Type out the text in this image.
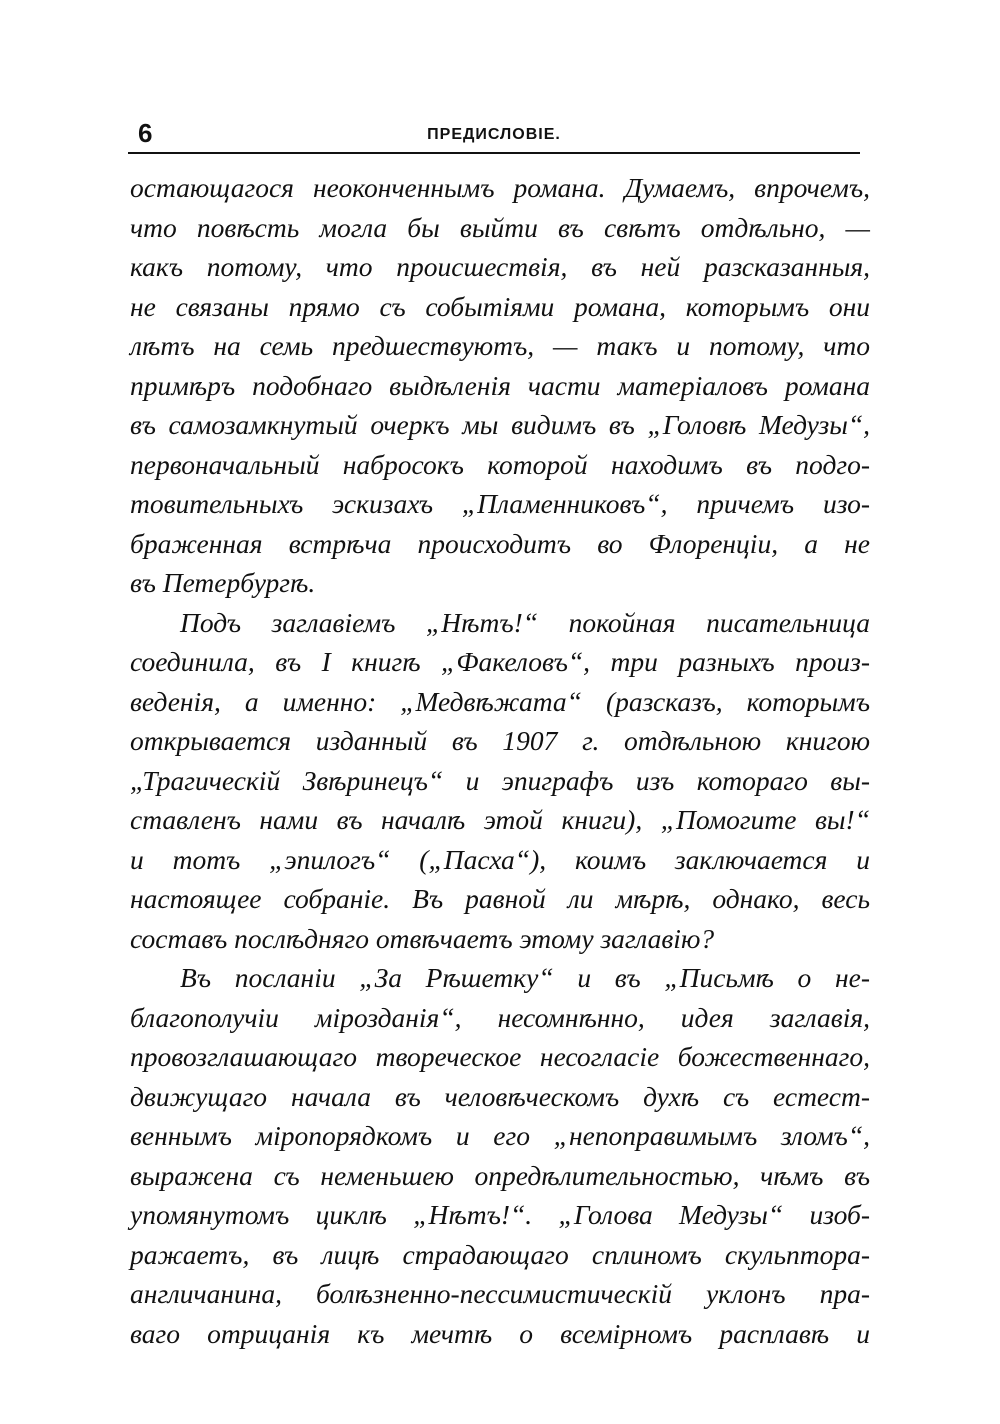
6	ПРЕДИСЛОВІЕ.
остающагося неоконченнымъ романа. Думаемъ, впрочемъ,
что повѣсть могла бы выйти въ свѣтъ отдѣльно, —
какъ потому, что происшествія, въ ней разсказанныя,
не связаны прямо съ событіями романа, которымъ они
лѣтъ на семь предшествуютъ, — такъ и потому, что
примѣръ подобнаго выдѣленія части матеріаловъ романа
въ самозамкнутый очеркъ мы видимъ въ „Головѣ Медузы“,
первоначальный набросокъ которой находимъ въ подго-
товительныхъ эскизахъ „Пламенниковъ“, причемъ изо-
браженная встрѣча происходитъ во Флоренціи, а не
въ Петербургѣ.
Подъ заглавіемъ „Нѣтъ!“ покойная писательница
соединила, въ I книгѣ „Факеловъ“, три разныхъ произ-
веденія, а именно: „Медвѣжата“ (разсказъ, которымъ
открывается изданный въ 1907 г. отдѣльною книгою
„Трагическій Звѣринецъ“ и эпиграфъ изъ котораго вы-
ставленъ нами въ началѣ этой книги), „Помогите вы!“
и тотъ „эпилогъ“ („Пасха“), коимъ заключается и
настоящее собраніе. Въ равной ли мѣрѣ, однако, весь
составъ послѣдняго отвѣчаетъ этому заглавію?
Въ посланіи „За Рѣшетку“ и въ „Письмѣ о не-
благополучіи мірозданія“, несомнѣнно, идея заглавія,
провозглашающаго твореческое несогласіе божественнаго,
движущаго начала въ человѣческомъ духѣ съ естест-
веннымъ міропорядкомъ и его „непоправимымъ зломъ“,
выражена съ неменьшею опредѣлительностью, чѣмъ въ
упомянутомъ циклѣ „Нѣтъ!“. „Голова Медузы“ изоб-
ражаетъ, въ лицѣ страдающаго сплиномъ скульптора-
англичанина, болѣзненно-пессимистическій уклонъ пра-
ваго отрицанія къ мечтѣ о всемірномъ расплавѣ и
